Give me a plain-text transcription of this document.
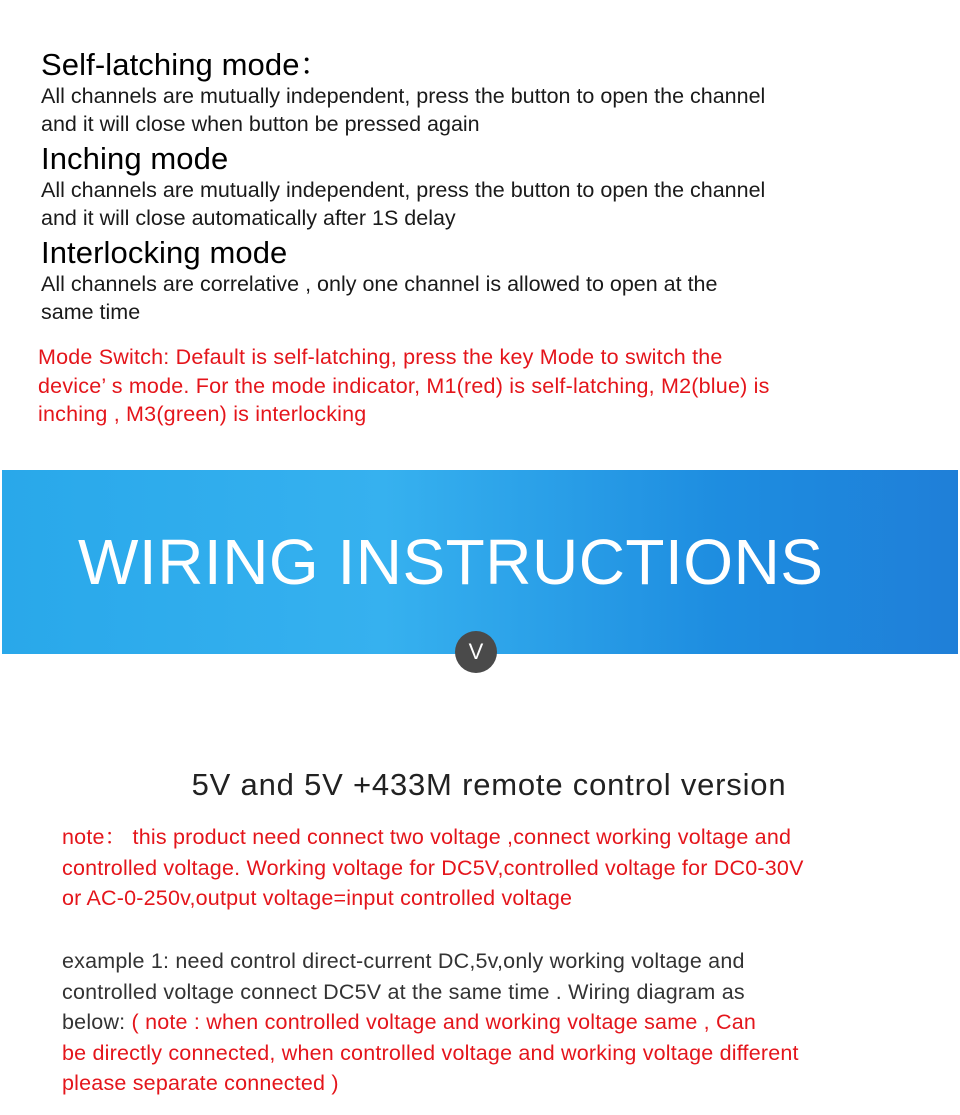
Self-latching mode：

All channels are mutually independent, press the button to open the channel
and it will close when button be pressed again

Inching mode

All channels are mutually independent, press the button to open the channel
and it will close automatically after 1S delay

Interlocking mode

All channels are correlative , only one channel is allowed to open at the
same time

Mode Switch: Default is self-latching, press the key Mode to switch the
device’ s mode. For the mode indicator, M1(red) is self-latching, M2(blue) is
inching , M3(green) is interlocking
WIRING INSTRUCTIONS
V
5V and 5V +433M remote control version
note： this product need connect two voltage ,connect working voltage and
controlled voltage. Working voltage for DC5V,controlled voltage for DC0-30V
or AC-0-250v,output voltage=input controlled voltage
example 1: need control direct-current DC,5v,only working voltage and
controlled voltage connect DC5V at the same time . Wiring diagram as
below: ( note : when controlled voltage and working voltage same , Can
be directly connected, when controlled voltage and working voltage different
please separate connected )
